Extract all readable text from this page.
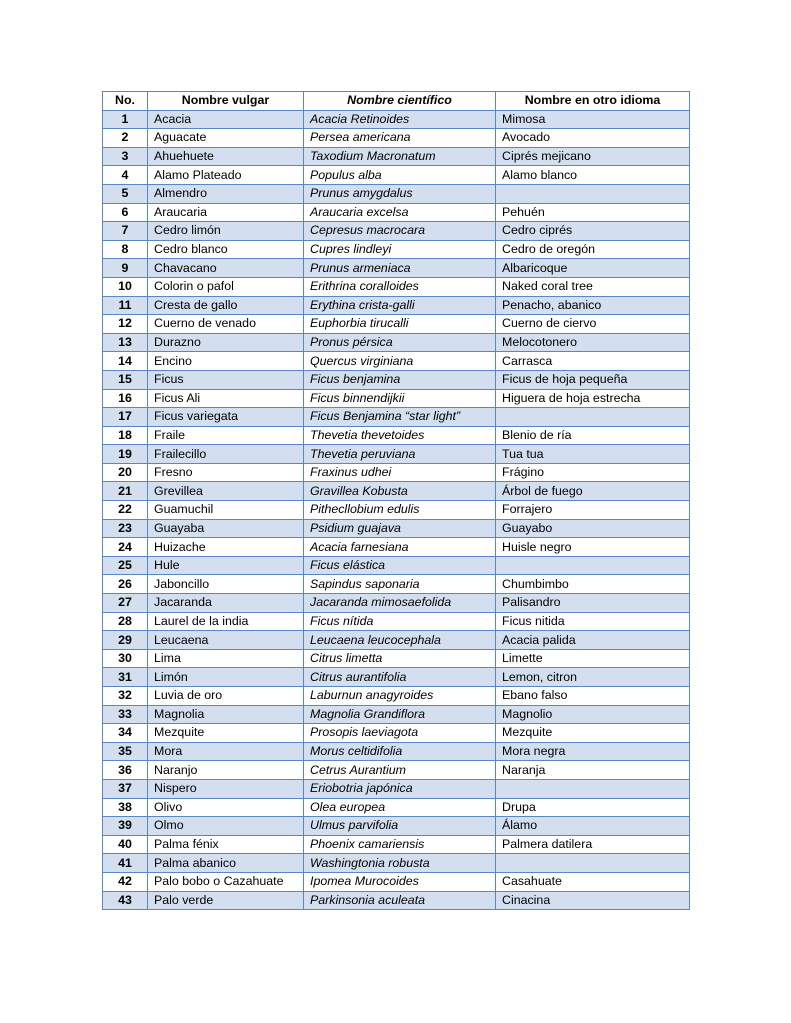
No.	Nombre vulgar	Nombre científico	Nombre en otro idioma
1	Acacia	Acacia Retinoides	Mimosa
2	Aguacate	Persea americana	Avocado
3	Ahuehuete	Taxodium Macronatum	Ciprés mejicano
4	Alamo Plateado	Populus alba	Alamo blanco
5	Almendro	Prunus amygdalus	
6	Araucaria	Araucaria excelsa	Pehuén
7	Cedro limón	Cepresus macrocara	Cedro ciprés
8	Cedro blanco	Cupres lindleyi	Cedro de oregón
9	Chavacano	Prunus armeniaca	Albaricoque
10	Colorin o pafol	Erithrina coralloides	Naked coral tree
11	Cresta de gallo	Erythina crista-galli	Penacho, abanico
12	Cuerno de venado	Euphorbia tirucalli	Cuerno de ciervo
13	Durazno	Pronus pérsica	Melocotonero
14	Encino	Quercus virginiana	Carrasca
15	Ficus	Ficus benjamina	Ficus de hoja pequeña
16	Ficus Ali	Ficus binnendijkii	Higuera de hoja estrecha
17	Ficus variegata	Ficus Benjamina “star light”	
18	Fraile	Thevetia thevetoides	Blenio de ría
19	Frailecillo	Thevetia peruviana	Tua tua
20	Fresno	Fraxinus udhei	Frágino
21	Grevillea	Gravillea Kobusta	Árbol de fuego
22	Guamuchil	Pithecllobium edulis	Forrajero
23	Guayaba	Psidium guajava	Guayabo
24	Huizache	Acacia farnesiana	Huisle negro
25	Hule	Ficus elástica	
26	Jaboncillo	Sapindus saponaria	Chumbimbo
27	Jacaranda	Jacaranda mimosaefolida	Palisandro
28	Laurel de la india	Ficus nítida	Ficus nitida
29	Leucaena	Leucaena leucocephala	Acacia palida
30	Lima	Citrus limetta	Limette
31	Limón	Citrus aurantifolia	Lemon, citron
32	Luvia de oro	Laburnun anagyroides	Ebano falso
33	Magnolia	Magnolia Grandiflora	Magnolio
34	Mezquite	Prosopis laeviagota	Mezquite
35	Mora	Morus celtidifolia	Mora negra
36	Naranjo	Cetrus Aurantium	Naranja
37	Nispero	Eriobotria japónica	
38	Olivo	Olea europea	Drupa
39	Olmo	Ulmus parvifolia	Álamo
40	Palma fénix	Phoenix camariensis	Palmera datilera
41	Palma abanico	Washingtonia robusta	
42	Palo bobo o Cazahuate	Ipomea Murocoides	Casahuate
43	Palo verde	Parkinsonia aculeata	Cinacina
